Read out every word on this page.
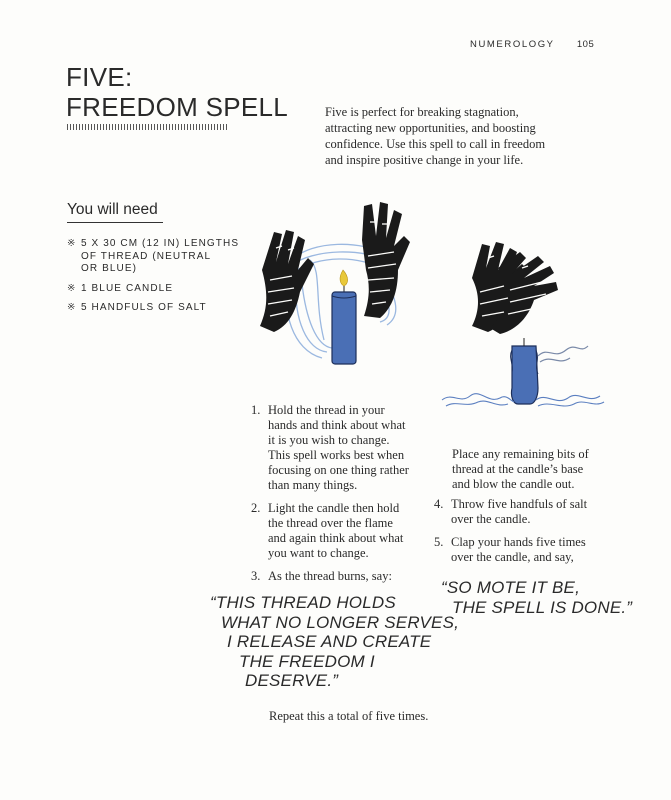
NUMEROLOGY 105
FIVE:
FREEDOM SPELL	Five is perfect for breaking stagnation, attracting new opportunities, and boosting confidence. Use this spell to call in freedom and inspire positive change in your life.
You will need
※ 5 X 30 CM (12 IN) LENGTHS
OF THREAD (NEUTRAL
OR BLUE)
※ 1 BLUE CANDLE
※ 5 HANDFULS OF SALT
1. Hold the thread in your
hands and think about what
it is you wish to change.
This spell works best when
focusing on one thing rather
than many things.
2. Light the candle then hold
the thread over the flame
and again think about what
you want to change.
3. As the thread burns, say:
Place any remaining bits of
thread at the candle’s base
and blow the candle out.
4. Throw five handfuls of salt
over the candle.
5. Clap your hands five times
over the candle, and say,
“THIS THREAD HOLDS
WHAT NO LONGER SERVES,
I RELEASE AND CREATE
THE FREEDOM I
DESERVE.”
“SO MOTE IT BE,
THE SPELL IS DONE.”
Repeat this a total of five times.
